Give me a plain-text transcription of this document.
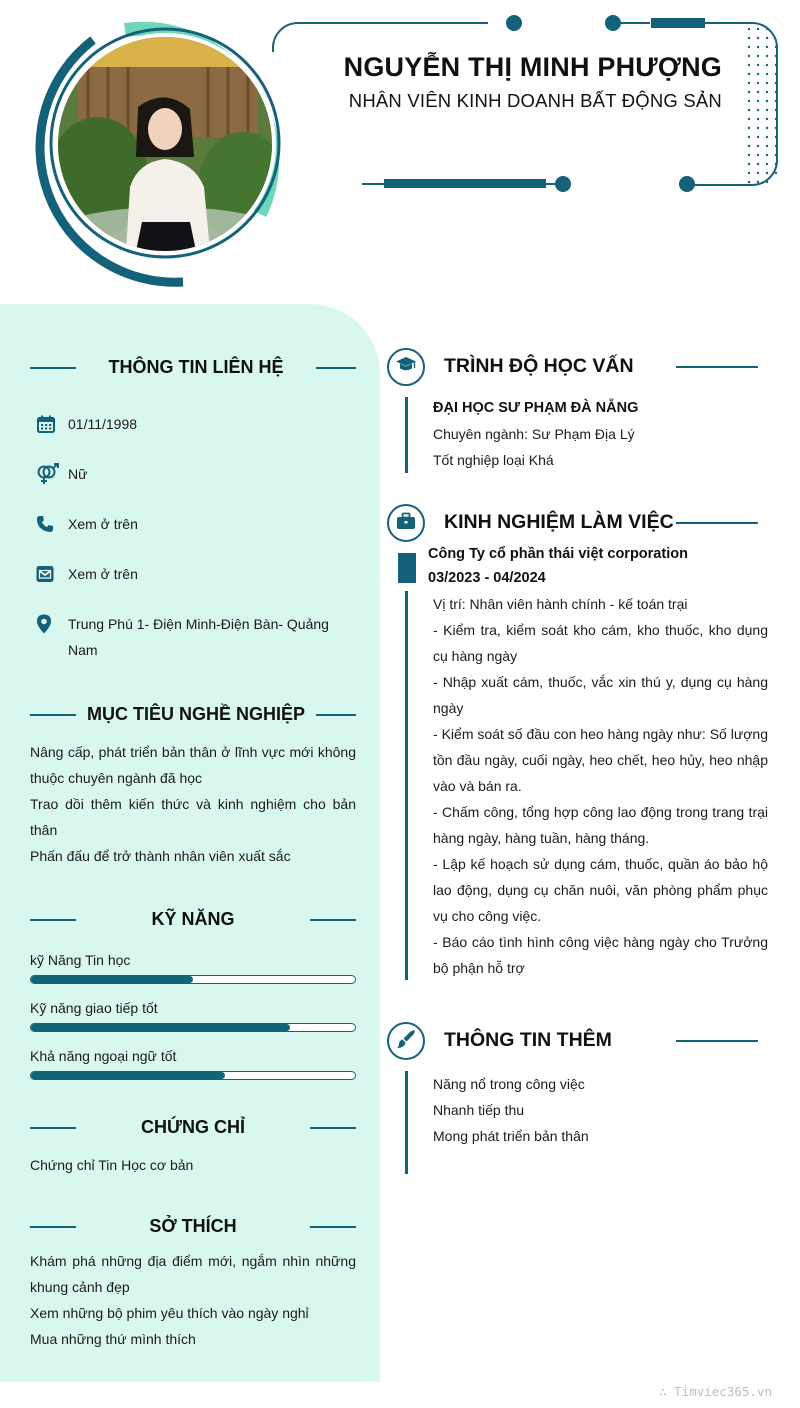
NGUYỄN THỊ MINH PHƯỢNG
NHÂN VIÊN KINH DOANH BẤT ĐỘNG SẢN
THÔNG TIN LIÊN HỆ
01/11/1998
Nữ
Xem ở trên
Xem ở trên
Trung Phú 1- Điện Minh-Điện Bàn- Quảng Nam
MỤC TIÊU NGHỀ NGHIỆP
Nâng cấp, phát triển bản thân ở lĩnh vực mới không thuộc chuyên ngành đã học
Trao dồi thêm kiến thức và kinh nghiệm cho bản thân
Phấn đấu để trở thành nhân viên xuất sắc
KỸ NĂNG
kỹ Năng Tin học
Kỹ năng giao tiếp tốt
Khả năng ngoại ngữ tốt
CHỨNG CHỈ
Chứng chỉ Tin Học cơ bản
SỞ THÍCH
Khám phá những địa điểm mới, ngắm nhìn những khung cảnh đẹp
Xem những bộ phim yêu thích vào ngày nghỉ
Mua những thứ mình thích
TRÌNH ĐỘ HỌC VẤN
ĐẠI HỌC SƯ PHẠM ĐÀ NẴNG
Chuyên ngành: Sư Phạm Địa Lý
Tốt nghiệp loại Khá
KINH NGHIỆM LÀM VIỆC
Công Ty cổ phần thái việt corporation
03/2023 - 04/2024
Vị trí: Nhân viên hành chính - kế toán trại
- Kiểm tra, kiểm soát kho cám, kho thuốc, kho dụng cụ hàng ngày
- Nhập xuất cám, thuốc, vắc xin thú y, dụng cụ hàng ngày
- Kiểm soát số đầu con heo hàng ngày như: Số lượng tồn đầu ngày, cuối ngày, heo chết, heo hủy, heo nhập vào và bán ra.
- Chấm công, tổng hợp công lao động trong trang trại hàng ngày, hàng tuần, hàng tháng.
- Lập kế hoạch sử dụng cám, thuốc, quần áo bảo hộ lao động, dụng cụ chăn nuôi, văn phòng phẩm phục vụ cho công việc.
- Báo cáo tình hình công việc hàng ngày cho Trưởng bộ phận hỗ trợ
THÔNG TIN THÊM
Năng nổ trong công việc
Nhanh tiếp thu
Mong phát triển bản thân
∴ Timviec365.vn
